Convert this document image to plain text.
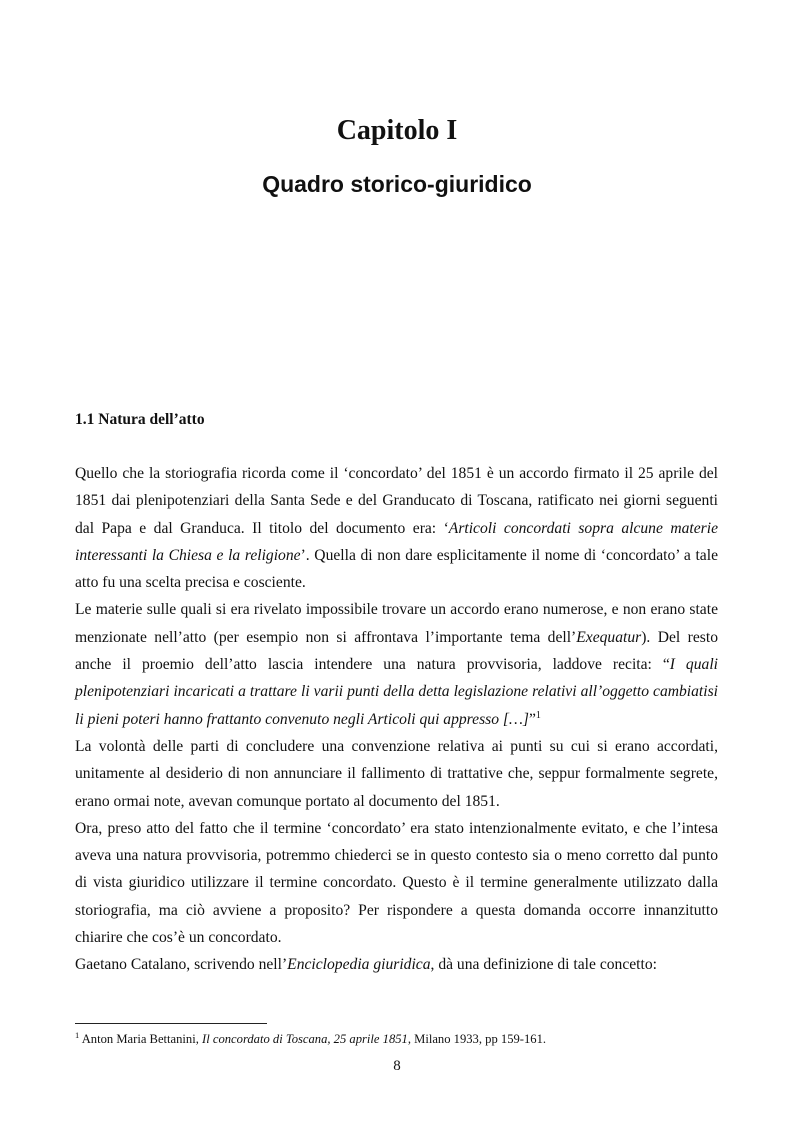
Capitolo I
Quadro storico-giuridico
1.1 Natura dell’atto

Quello che la storiografia ricorda come il ‘concordato’ del 1851 è un accordo firmato il 25 aprile del 1851 dai plenipotenziari della Santa Sede e del Granducato di Toscana, ratificato nei giorni seguenti dal Papa e dal Granduca. Il titolo del documento era: ‘Articoli concordati sopra alcune materie interessanti la Chiesa e la religione’. Quella di non dare esplicitamente il nome di ‘concordato’ a tale atto fu una scelta precisa e cosciente.

Le materie sulle quali si era rivelato impossibile trovare un accordo erano numerose, e non erano state menzionate nell’atto (per esempio non si affrontava l’importante tema dell’Exequatur). Del resto anche il proemio dell’atto lascia intendere una natura provvisoria, laddove recita: “I quali plenipotenziari incaricati a trattare li varii punti della detta legislazione relativi all’oggetto cambiatisi li pieni poteri hanno frattanto convenuto negli Articoli qui appresso […]”$^1$

La volontà delle parti di concludere una convenzione relativa ai punti su cui si erano accordati, unitamente al desiderio di non annunciare il fallimento di trattative che, seppur formalmente segrete, erano ormai note, avevan comunque portato al documento del 1851.

Ora, preso atto del fatto che il termine ‘concordato’ era stato intenzionalmente evitato, e che l’intesa aveva una natura provvisoria, potremmo chiederci se in questo contesto sia o meno corretto dal punto di vista giuridico utilizzare il termine concordato. Questo è il termine generalmente utilizzato dalla storiografia, ma ciò avviene a proposito? Per rispondere a questa domanda occorre innanzitutto chiarire che cos’è un concordato.

Gaetano Catalano, scrivendo nell’Enciclopedia giuridica, dà una definizione di tale concetto:

$^1$ Anton Maria Bettanini, Il concordato di Toscana, 25 aprile 1851, Milano 1933, pp 159-161.
8
